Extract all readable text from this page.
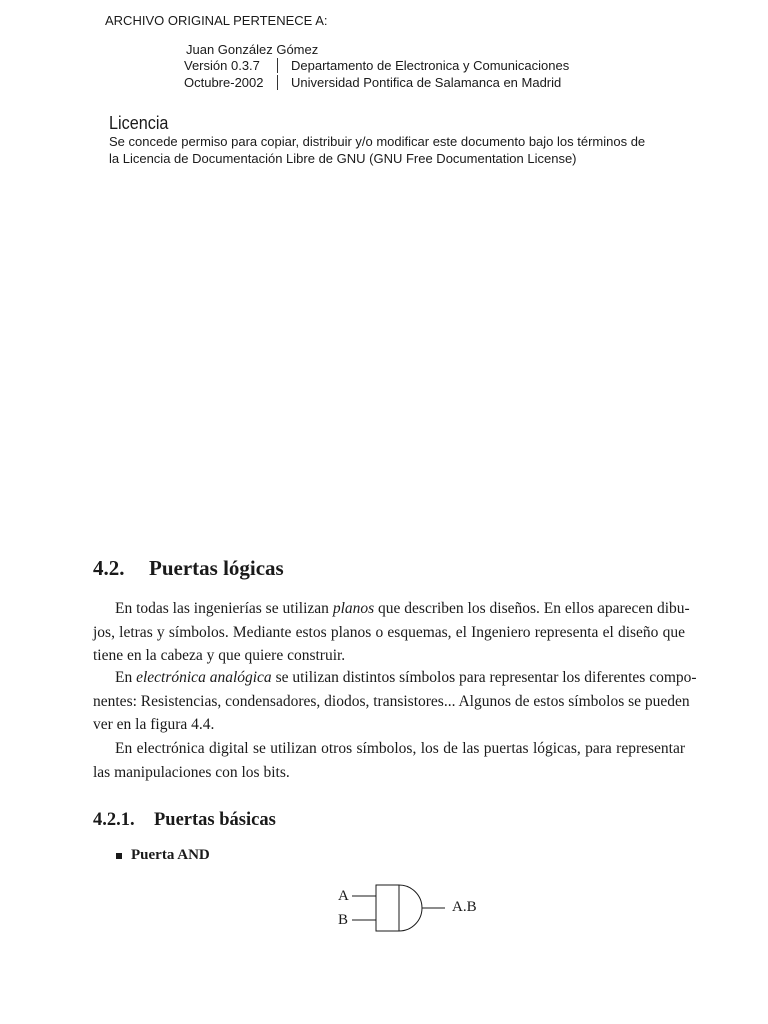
ARCHIVO ORIGINAL PERTENECE A:
Juan González Gómez
Versión 0.3.7	Departamento de Electronica y Comunicaciones
Octubre-2002 Universidad Pontifica de Salamanca en Madrid
Licencia
Se concede permiso para copiar, distribuir y/o modificar este documento bajo los términos de
la Licencia de Documentación Libre de GNU (GNU Free Documentation License)
4.2. Puertas lógicas
En todas las ingenierías se utilizan planos que describen los diseños. En ellos aparecen dibu-
jos, letras y símbolos. Mediante estos planos o esquemas, el Ingeniero representa el diseño que
tiene en la cabeza y que quiere construir.
En electrónica analógica se utilizan distintos símbolos para representar los diferentes compo-
nentes: Resistencias, condensadores, diodos, transistores... Algunos de estos símbolos se pueden
ver en la figura 4.4.
En electrónica digital se utilizan otros símbolos, los de las puertas lógicas, para representar
las manipulaciones con los bits.
4.2.1. Puertas básicas
Puerta AND
A
B
A.B
